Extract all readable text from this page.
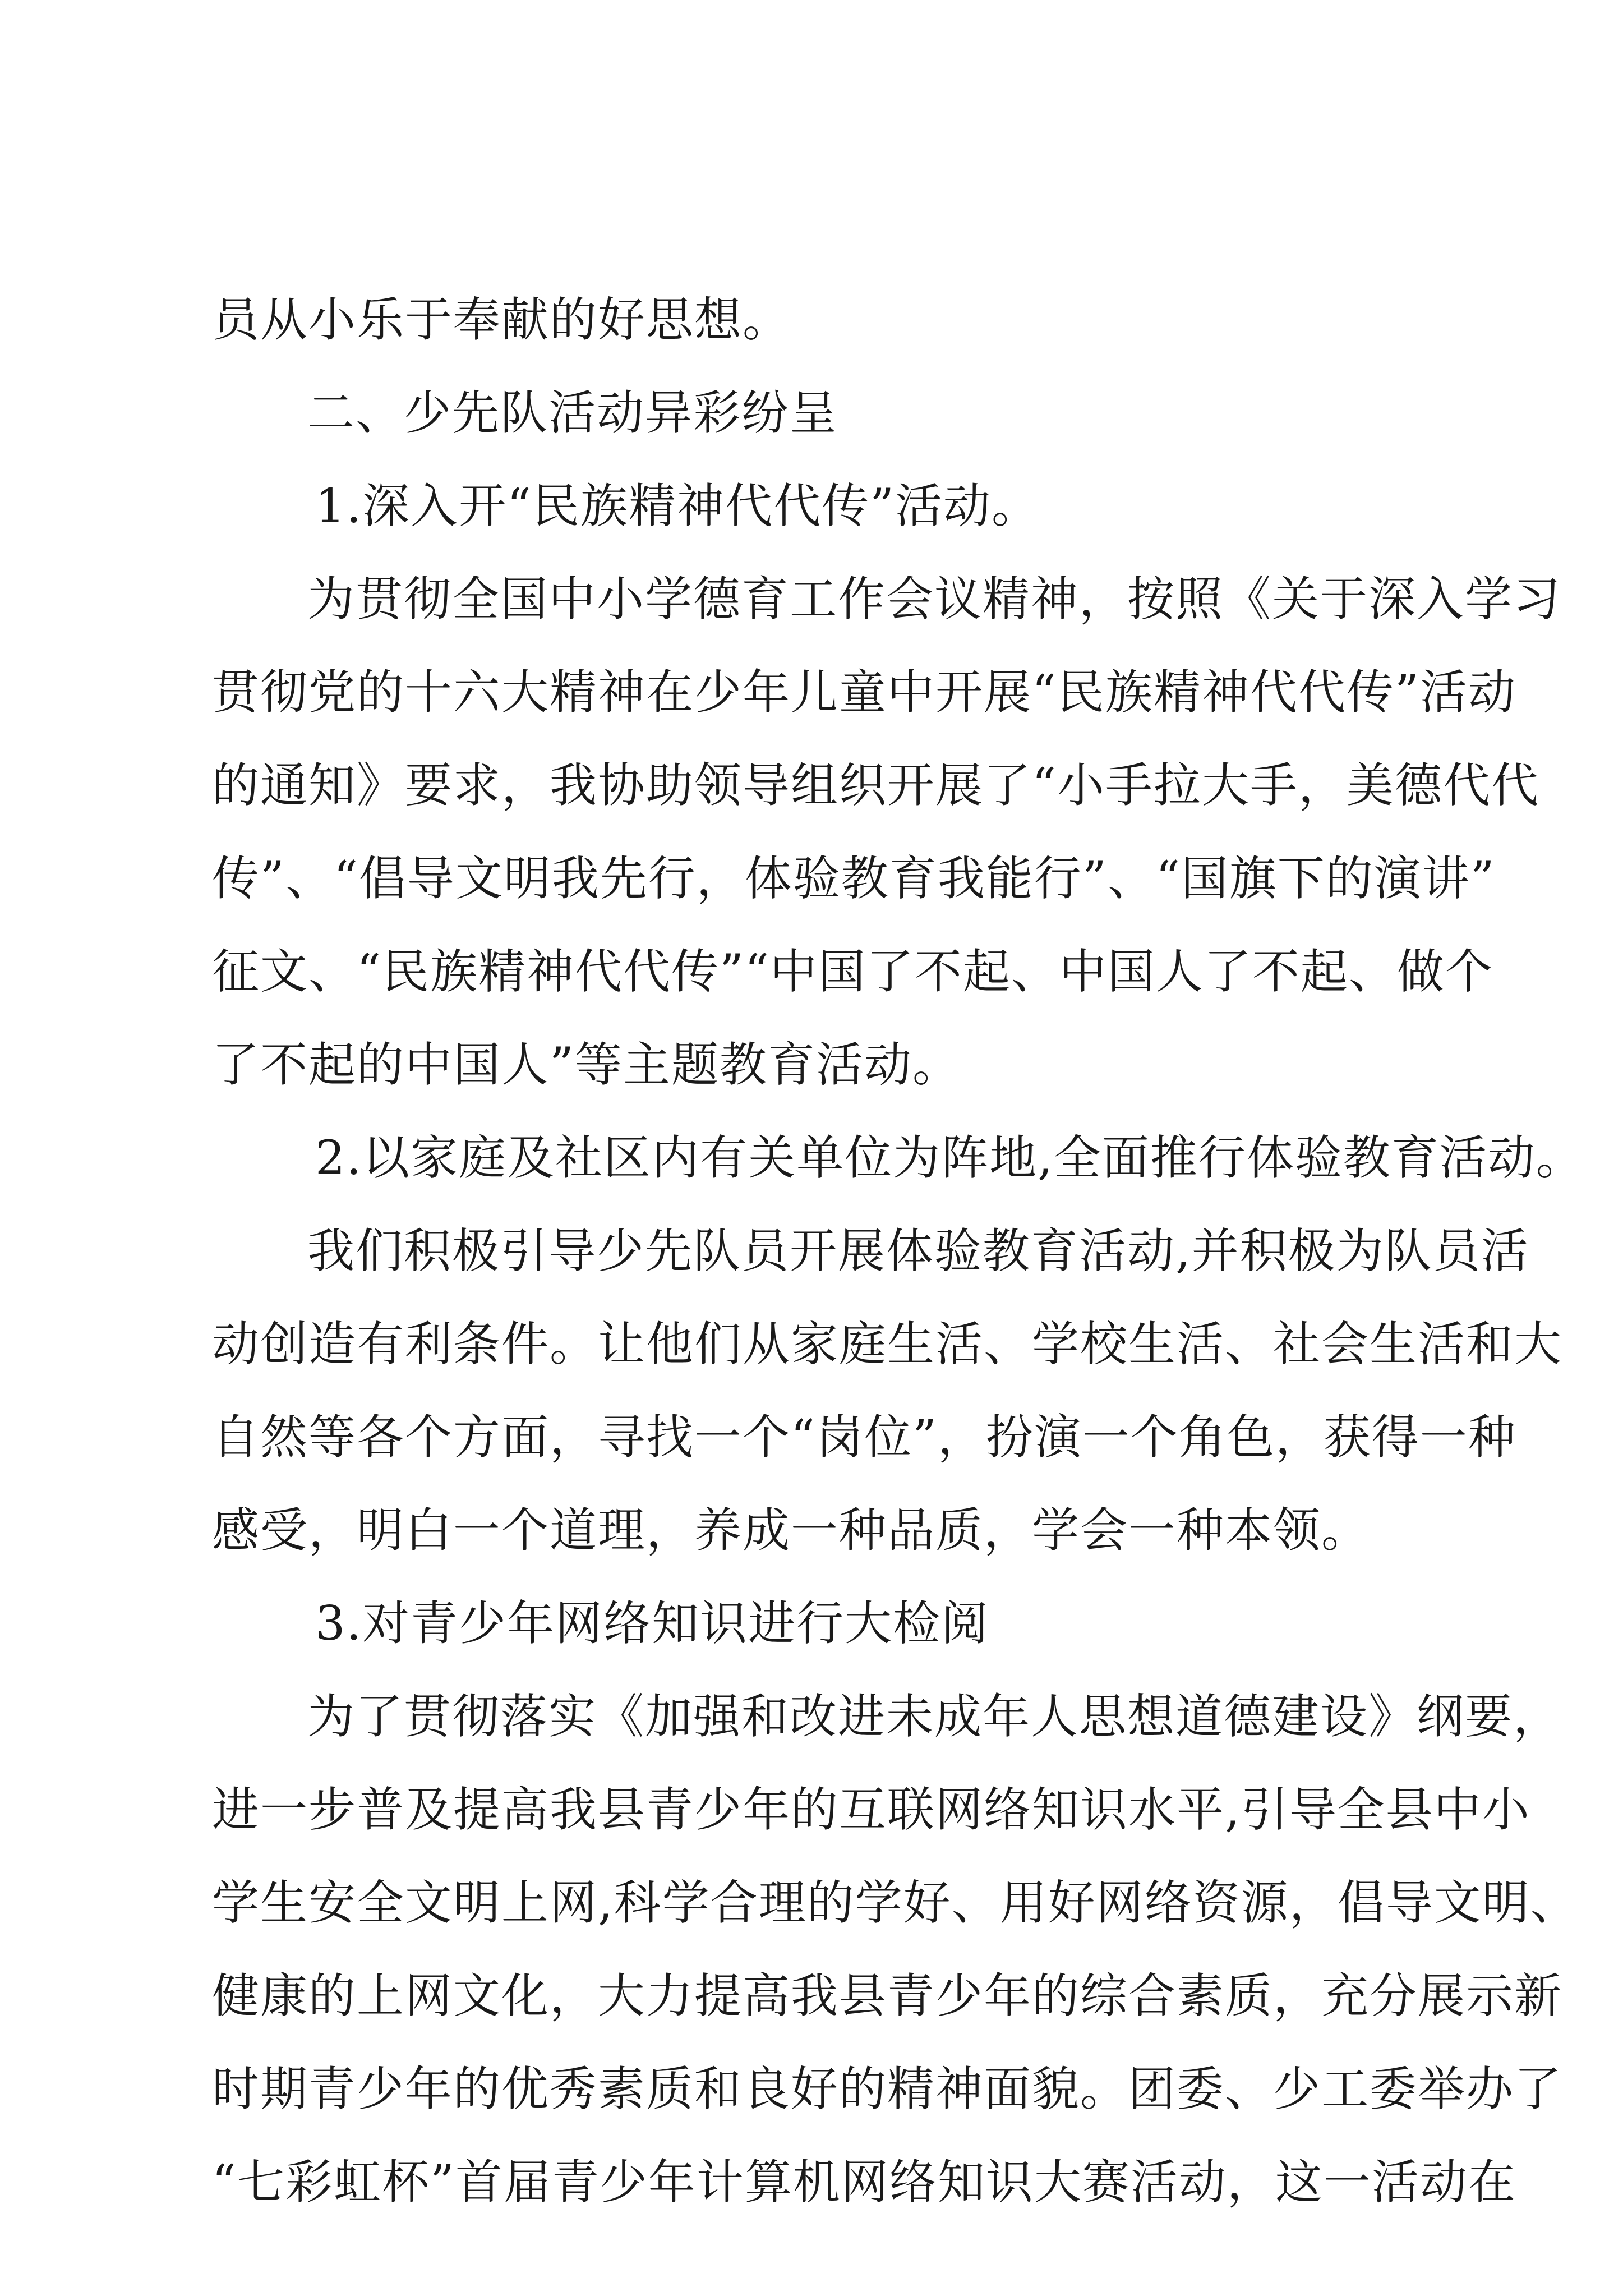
员从小乐于奉献的好思想。
二、少先队活动异彩纷呈
1.深入开“民族精神代代传”活动。
为贯彻全国中小学德育工作会议精神，按照《关于深入学习
贯彻党的十六大精神在少年儿童中开展“民族精神代代传”活动
的通知》要求，我协助领导组织开展了“小手拉大手，美德代代
传”、“倡导文明我先行，体验教育我能行”、“国旗下的演讲”
征文、“民族精神代代传”“中国了不起、中国人了不起、做个
了不起的中国人”等主题教育活动。
2.以家庭及社区内有关单位为阵地,全面推行体验教育活动。
我们积极引导少先队员开展体验教育活动,并积极为队员活
动创造有利条件。让他们从家庭生活、学校生活、社会生活和大
自然等各个方面，寻找一个“岗位”，扮演一个角色，获得一种
感受，明白一个道理，养成一种品质，学会一种本领。
3.对青少年网络知识进行大检阅
为了贯彻落实《加强和改进未成年人思想道德建设》纲要，
进一步普及提高我县青少年的互联网络知识水平,引导全县中小
学生安全文明上网,科学合理的学好、用好网络资源，倡导文明、
健康的上网文化，大力提高我县青少年的综合素质，充分展示新
时期青少年的优秀素质和良好的精神面貌。团委、少工委举办了
“七彩虹杯”首届青少年计算机网络知识大赛活动，这一活动在
